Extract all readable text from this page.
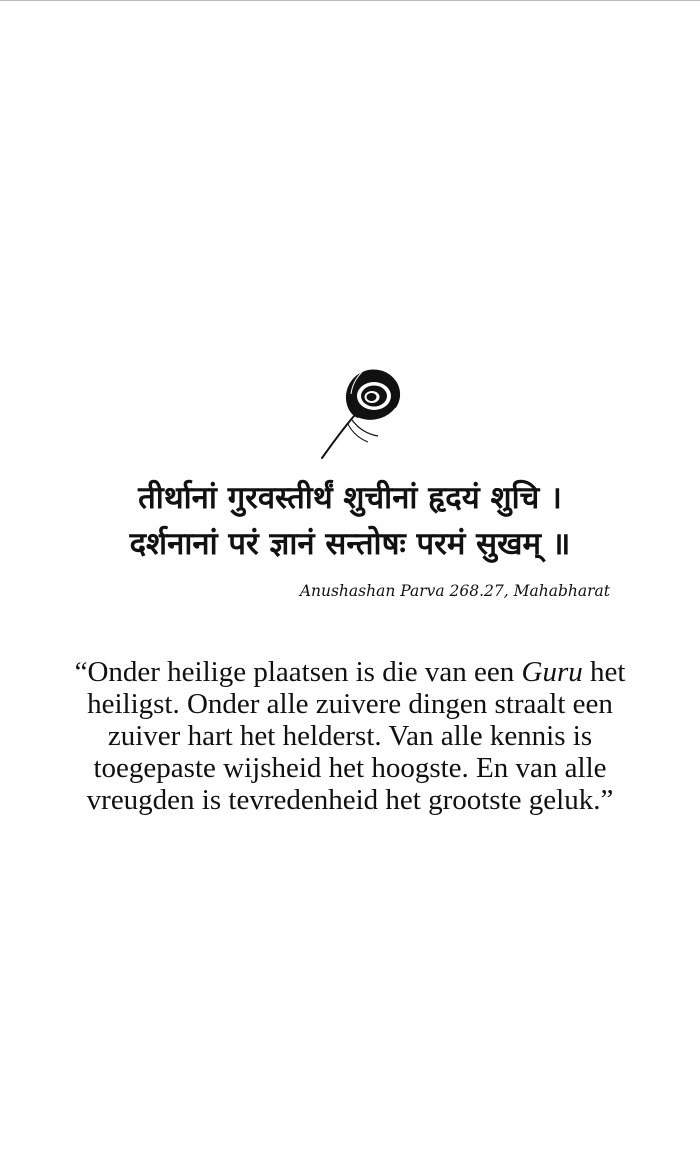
तीर्थानां गुरवस्तीर्थं शुचीनां हृदयं शुचि ।
दर्शनानां परं ज्ञानं सन्तोषः परमं सुखम् ॥
Anushashan Parva 268.27, Mahabharat
“Onder heilige plaatsen is die van een Guru het heiligst. Onder alle zuivere dingen straalt een zuiver hart het helderst. Van alle kennis is toegepaste wijsheid het hoogste. En van alle vreugden is tevredenheid het grootste geluk.”
